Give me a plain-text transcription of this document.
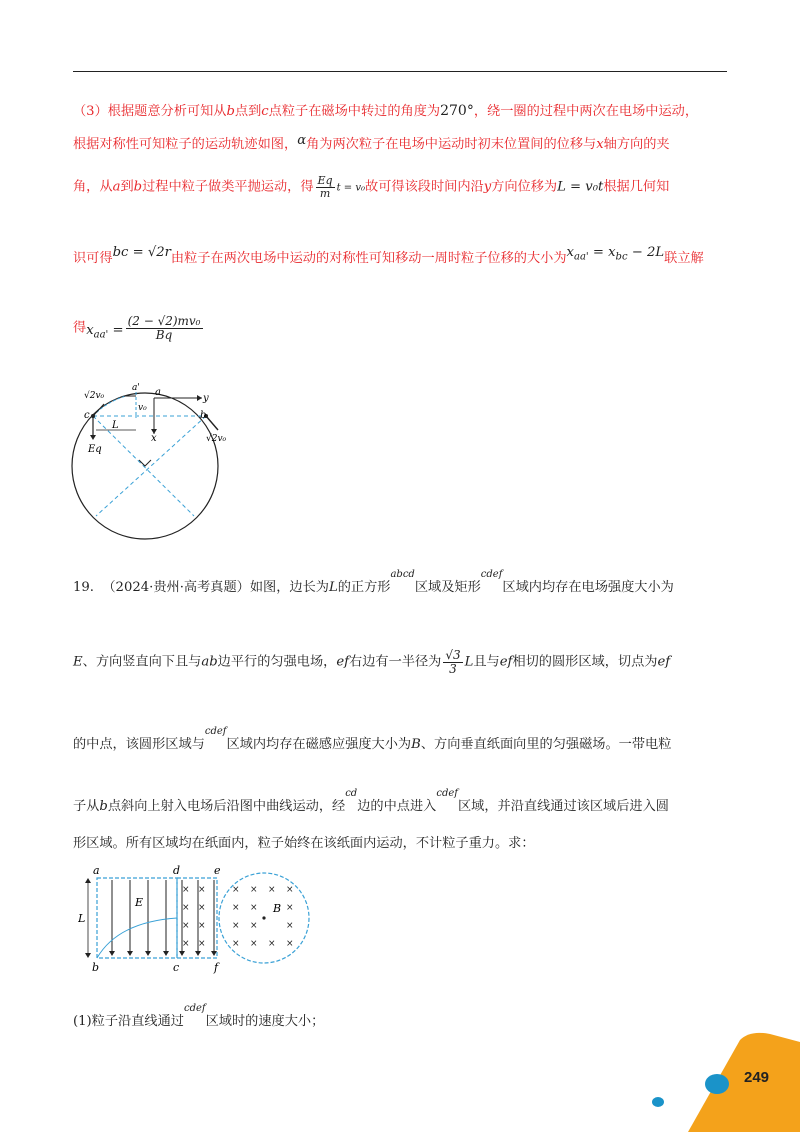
（3）根据题意分析可知从b点到c点粒子在磁场中转过的角度为270°，绕一圈的过程中两次在电场中运动，
根据对称性可知粒子的运动轨迹如图，α角为两次粒子在电场中运动时初末位置间的位移与x轴方向的夹
角，从a到b过程中粒子做类平抛运动，得 $\frac{Eq}{m}$ t = v₀故可得该段时间内沿y方向位移为L = v₀t根据几何知
识可得bc = √2r由粒子在两次电场中运动的对称性可知移动一周时粒子位移的大小为$x_{aa'} = x_{bc} - 2L$联立解
得$x_{aa'} = \frac{\text{(2 − √2)mv₀}}{Bq}$
c	b
a
a'
y
x
L
Eq
v₀
√2v₀
√2v₀
19. （2024·贵州·高考真题）如图，边长为L的正方形$^{abcd}$区域及矩形$^{cdef}$区域内均存在电场强度大小为
E、方向竖直向下且与ab边平行的匀强电场，ef右边有一半径为 $\frac{√3}{3}$ L且与ef相切的圆形区域，切点为ef
的中点，该圆形区域与$^{cdef}$区域内均存在磁感应强度大小为B、方向垂直纸面向里的匀强磁场。一带电粒
子从b点斜向上射入电场后沿图中曲线运动，经$^{cd}$边的中点进入$^{cdef}$区域，并沿直线通过该区域后进入圆
形区域。所有区域均在纸面内，粒子始终在该纸面内运动，不计粒子重力。求：
× ×
× ×
× ×
× ×
× × × ×
× ×	×
× ×	×
× × × ×
a
b	c
d	e
f
L
E	B
(1)粒子沿直线通过$^{cdef}$区域时的速度大小；
249
